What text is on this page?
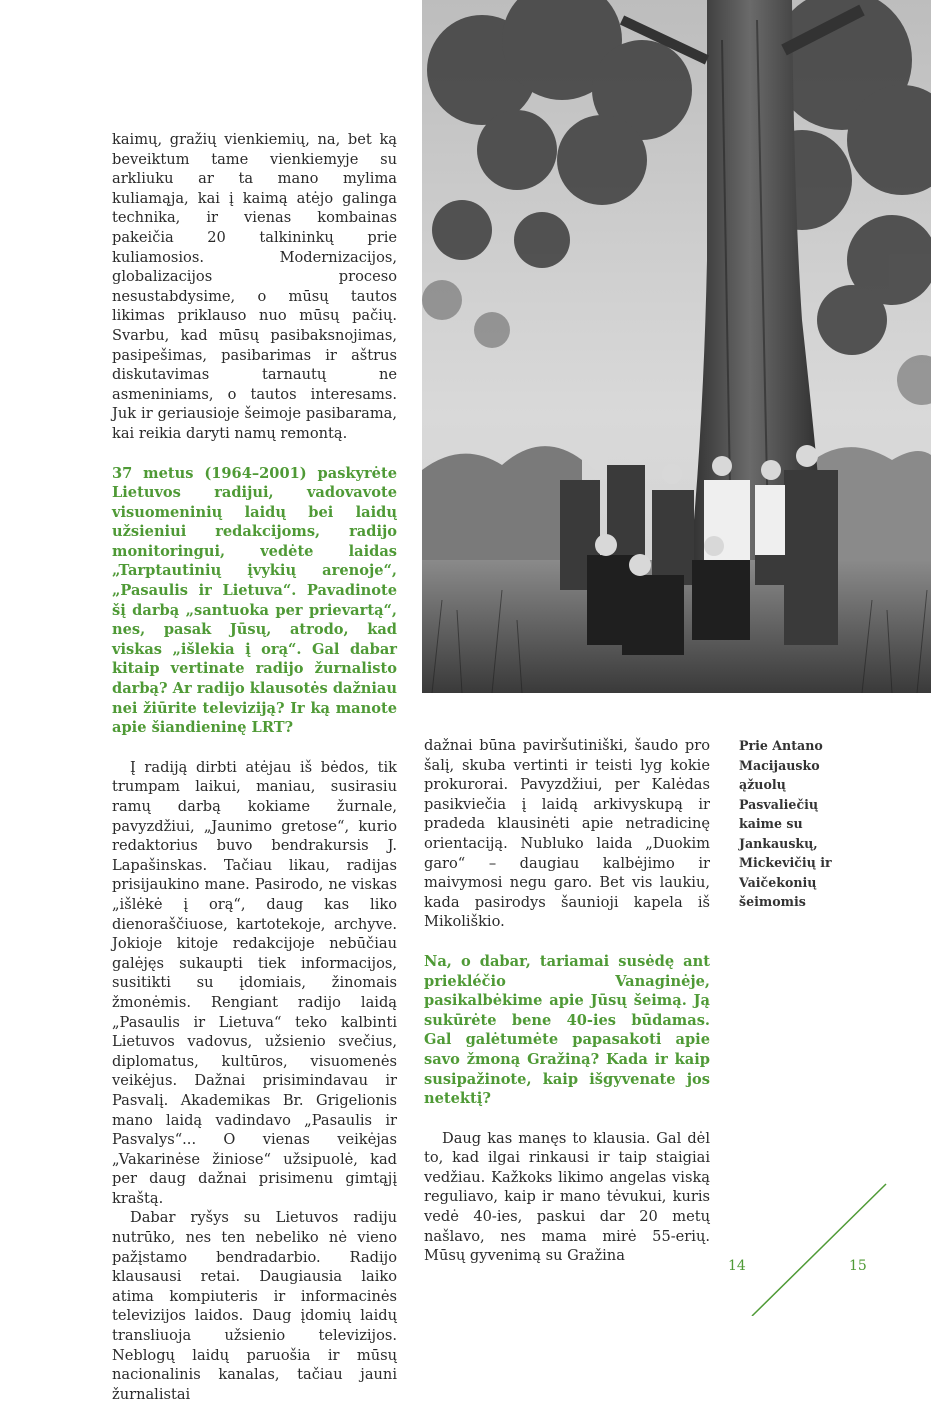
kaimų, gražių vienkiemių, na, bet ką beveiktum tame vienkiemyje su arkliuku ar ta mano mylima kuliamąja, kai į kaimą atėjo galinga technika, ir vienas kombainas pakeičia 20 talkininkų prie kuliamosios. Modernizacijos, globalizacijos proceso nesustabdysime, o mūsų tautos likimas priklauso nuo mūsų pačių. Svarbu, kad mūsų pasibaksnojimas, pasipešimas, pasibarimas ir aštrus diskutavimas tarnautų ne asmeniniams, o tautos interesams. Juk ir geriausioje šeimoje pasibarama, kai reikia daryti namų remontą.

37 metus (1964–2001) paskyrėte Lietuvos radijui, vadovavote visuomeninių laidų bei laidų užsieniui redakcijoms, radijo monitoringui, vedėte laidas „Tarptautinių įvykių arenoje“, „Pasaulis ir Lietuva“. Pavadinote šį darbą „santuoka per prievartą“, nes, pasak Jūsų, atrodo, kad viskas „išlekia į orą“. Gal dabar kitaip vertinate radijo žurnalisto darbą? Ar radijo klausotės dažniau nei žiūrite televiziją? Ir ką manote apie šiandieninę LRT?

Į radiją dirbti atėjau iš bėdos, tik trumpam laikui, maniau, susirasiu ramų darbą kokiame žurnale, pavyzdžiui, „Jaunimo gretose“, kurio redaktorius buvo bendrakursis J. Lapašinskas. Tačiau likau, radijas prisijaukino mane. Pasirodo, ne viskas „išlėkė į orą“, daug kas liko dienoraščiuose, kartotekoje, archyve. Jokioje kitoje redakcijoje nebūčiau galėjęs sukaupti tiek informacijos, susitikti su įdomiais, žinomais žmonėmis. Rengiant radijo laidą „Pasaulis ir Lietuva“ teko kalbinti Lietuvos vadovus, užsienio svečius, diplomatus, kultūros, visuomenės veikėjus. Dažnai prisimindavau ir Pasvalį. Akademikas Br. Grigelionis mano laidą vadindavo „Pasaulis ir Pasvalys“... O vienas veikėjas „Vakarinėse žiniose“ užsipuolė, kad per daug dažnai prisimenu gimtąjį kraštą.

Dabar ryšys su Lietuvos radiju nutrūko, nes ten nebeliko nė vieno pažįstamo bendradarbio. Radijo klausausi retai. Daugiausia laiko atima kompiuteris ir informacinės televizijos laidos. Daug įdomių laidų transliuoja užsienio televizijos. Neblogų laidų paruošia ir mūsų nacionalinis kanalas, tačiau jauni žurnalistai

dažnai būna paviršutiniški, šaudo pro šalį, skuba vertinti ir teisti lyg kokie prokurorai. Pavyzdžiui, per Kalėdas pasikviečia į laidą arkivyskupą ir pradeda klausinėti apie netradicinę orientaciją. Nubluko laida „Duokim garo“ – daugiau kalbėjimo ir maivymosi negu garo. Bet vis laukiu, kada pasirodys šaunioji kapela iš Mikoliškio.

Na, o dabar, tariamai susėdę ant priekléčio Vanaginėje, pasikalbėkime apie Jūsų šeimą. Ją sukūrėte bene 40-ies būdamas. Gal galėtumėte papasakoti apie savo žmoną Gražiną? Kada ir kaip susipažinote, kaip išgyvenate jos netektį?

Daug kas manęs to klausia. Gal dėl to, kad ilgai rinkausi ir taip staigiai vedžiau. Kažkoks likimo angelas viską reguliavo, kaip ir mano tėvukui, kuris vedė 40-ies, paskui dar 20 metų našlavo, nes mama mirė 55-erių. Mūsų gyvenimą su Gražina

Prie Antano Macijausko ąžuolų Pasvaliečių kaime su Jankauskų, Mickevičių ir Vaičekonių šeimomis
14	15
